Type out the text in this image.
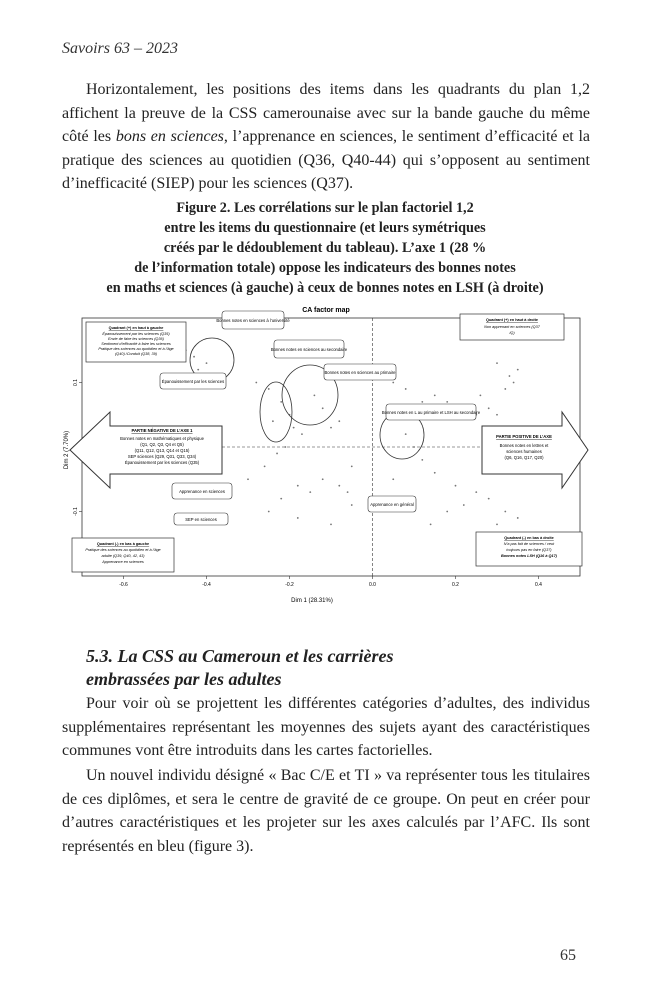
Savoirs 63 – 2023

Horizontalement, les positions des items dans les quadrants du plan 1,2 affichent la preuve de la CSS camerounaise avec sur la bande gauche du même côté les bons en sciences, l’apprenance en sciences, le sentiment d’efficacité et la pratique des sciences au quotidien (Q36, Q40-44) qui s’opposent au sentiment d’inefficacité (SIEP) pour les sciences (Q37).

Figure 2. Les corrélations sur le plan factoriel 1,2
entre les items du questionnaire (et leurs symétriques
créés par le dédoublement du tableau). L’axe 1 (28 %
de l’information totale) oppose les indicateurs des bonnes notes
en maths et sciences (à gauche) à ceux de bonnes notes en LSH (à droite)

CA factor map
-0.6	-0.4	-0.2	0.0	0.2	0.4
0.1
-0.1
Dim 1 (28.31%)
Dim 2 (7.70%)
PARTIE NÉGATIVE DE L’AXE 1
Bonnes notes en mathématiques et physique
(Q1, Q2, Q3, Q4 et Q5)
(Q11, Q12, Q13, Q14 et Q15)
SEP sciences (Q29, Q31, Q33, Q34)
Épanouissement par les sciences (Q35)
PARTIE POSITIVE DE L’AXE
Bonnes notes en lettres et
sciences humaines
(Q6, Q16, Q17, Q20)
Quadrant (+) en haut à gauche
Épanouissement par les sciences (Q35)
Envie de faire les sciences (Q36)
Sentiment d’efficacité à faire les sciences
Pratique des sciences au quotidien et à l’âge
(Q40) /Conduit (Q38, 39)
Quadrant (+) en haut à droite
Non apprenant en sciences (Q37
/Q)
Quadrant (-) en bas à gauche
Pratique des sciences au quotidien et à l’âge
adulte (Q39, Q40, 42, 43)
Apprenance en sciences
Quadrant (-) en bas à droite
N’a pas fait de sciences / veut
toujours pas en faire (Q37)
Bonnes notes LSH (Q16 à Q17)
Bonnes notes en sciences à l’université
Bonnes notes en sciences au secondaire
Bonnes notes en sciences au primaire
Bonnes notes en L au primaire et LSH au secondaire
Épanouissement par les sciences
Apprenance en sciences
SEP en sciences
Apprenance en général
5.3. La CSS au Cameroun et les carrières
embrassées par les adultes

Pour voir où se projettent les différentes catégories d’adultes, des individus supplémentaires représentant les moyennes des sujets ayant des caractéristiques communes vont être introduits dans les cartes factorielles.

Un nouvel individu désigné « Bac C/E et TI » va représenter tous les titulaires de ces diplômes, et sera le centre de gravité de ce groupe. On peut en créer pour d’autres caractéristiques et les projeter sur les axes calculés par l’AFC. Ils sont représentés en bleu (figure 3).

65
